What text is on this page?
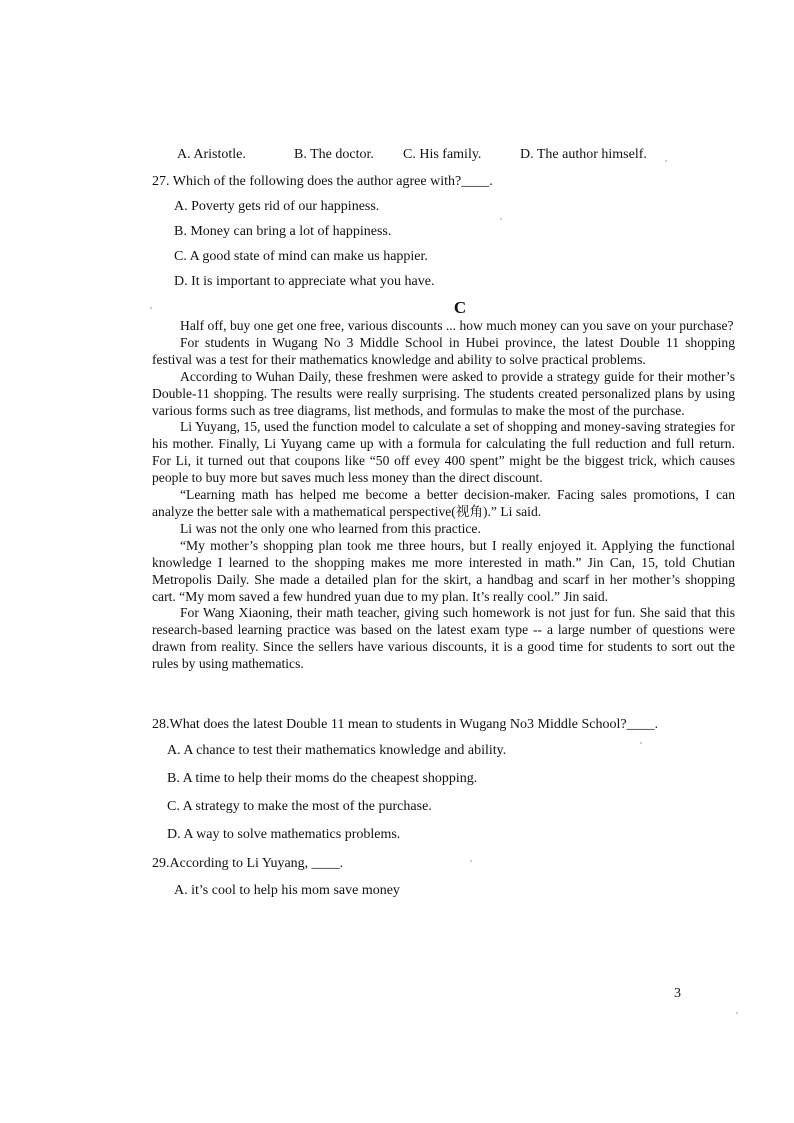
A. Aristotle.	B. The doctor. C. His family.	D. The author himself.
27. Which of the following does the author agree with?____.
A. Poverty gets rid of our happiness.
B. Money can bring a lot of happiness.
C. A good state of mind can make us happier.
D. It is important to appreciate what you have.
C

Half off, buy one get one free, various discounts ... how much money can you save on your purchase?

For students in Wugang No 3 Middle School in Hubei province, the latest Double 11 shopping festival was a test for their mathematics knowledge and ability to solve practical problems.

According to Wuhan Daily, these freshmen were asked to provide a strategy guide for their mother’s Double-11 shopping. The results were really surprising. The students created personalized plans by using various forms such as tree diagrams, list methods, and formulas to make the most of the purchase.

Li Yuyang, 15, used the function model to calculate a set of shopping and money-saving strategies for his mother. Finally, Li Yuyang came up with a formula for calculating the full reduction and full return. For Li, it turned out that coupons like “50 off evey 400 spent” might be the biggest trick, which causes people to buy more but saves much less money than the direct discount.

“Learning math has helped me become a better decision-maker. Facing sales promotions, I can analyze the better sale with a mathematical perspective(视角).” Li said.

Li was not the only one who learned from this practice.

“My mother’s shopping plan took me three hours, but I really enjoyed it. Applying the functional knowledge I learned to the shopping makes me more interested in math.” Jin Can, 15, told Chutian Metropolis Daily. She made a detailed plan for the skirt, a handbag and scarf in her mother’s shopping cart. “My mom saved a few hundred yuan due to my plan. It’s really cool.” Jin said.

For Wang Xiaoning, their math teacher, giving such homework is not just for fun. She said that this research-based learning practice was based on the latest exam type -- a large number of questions were drawn from reality. Since the sellers have various discounts, it is a good time for students to sort out the rules by using mathematics.

28.What does the latest Double 11 mean to students in Wugang No3 Middle School?____.
A. A chance to test their mathematics knowledge and ability.
B. A time to help their moms do the cheapest shopping.
C. A strategy to make the most of the purchase.
D. A way to solve mathematics problems.
29.According to Li Yuyang, ____.
A. it’s cool to help his mom save money
3
